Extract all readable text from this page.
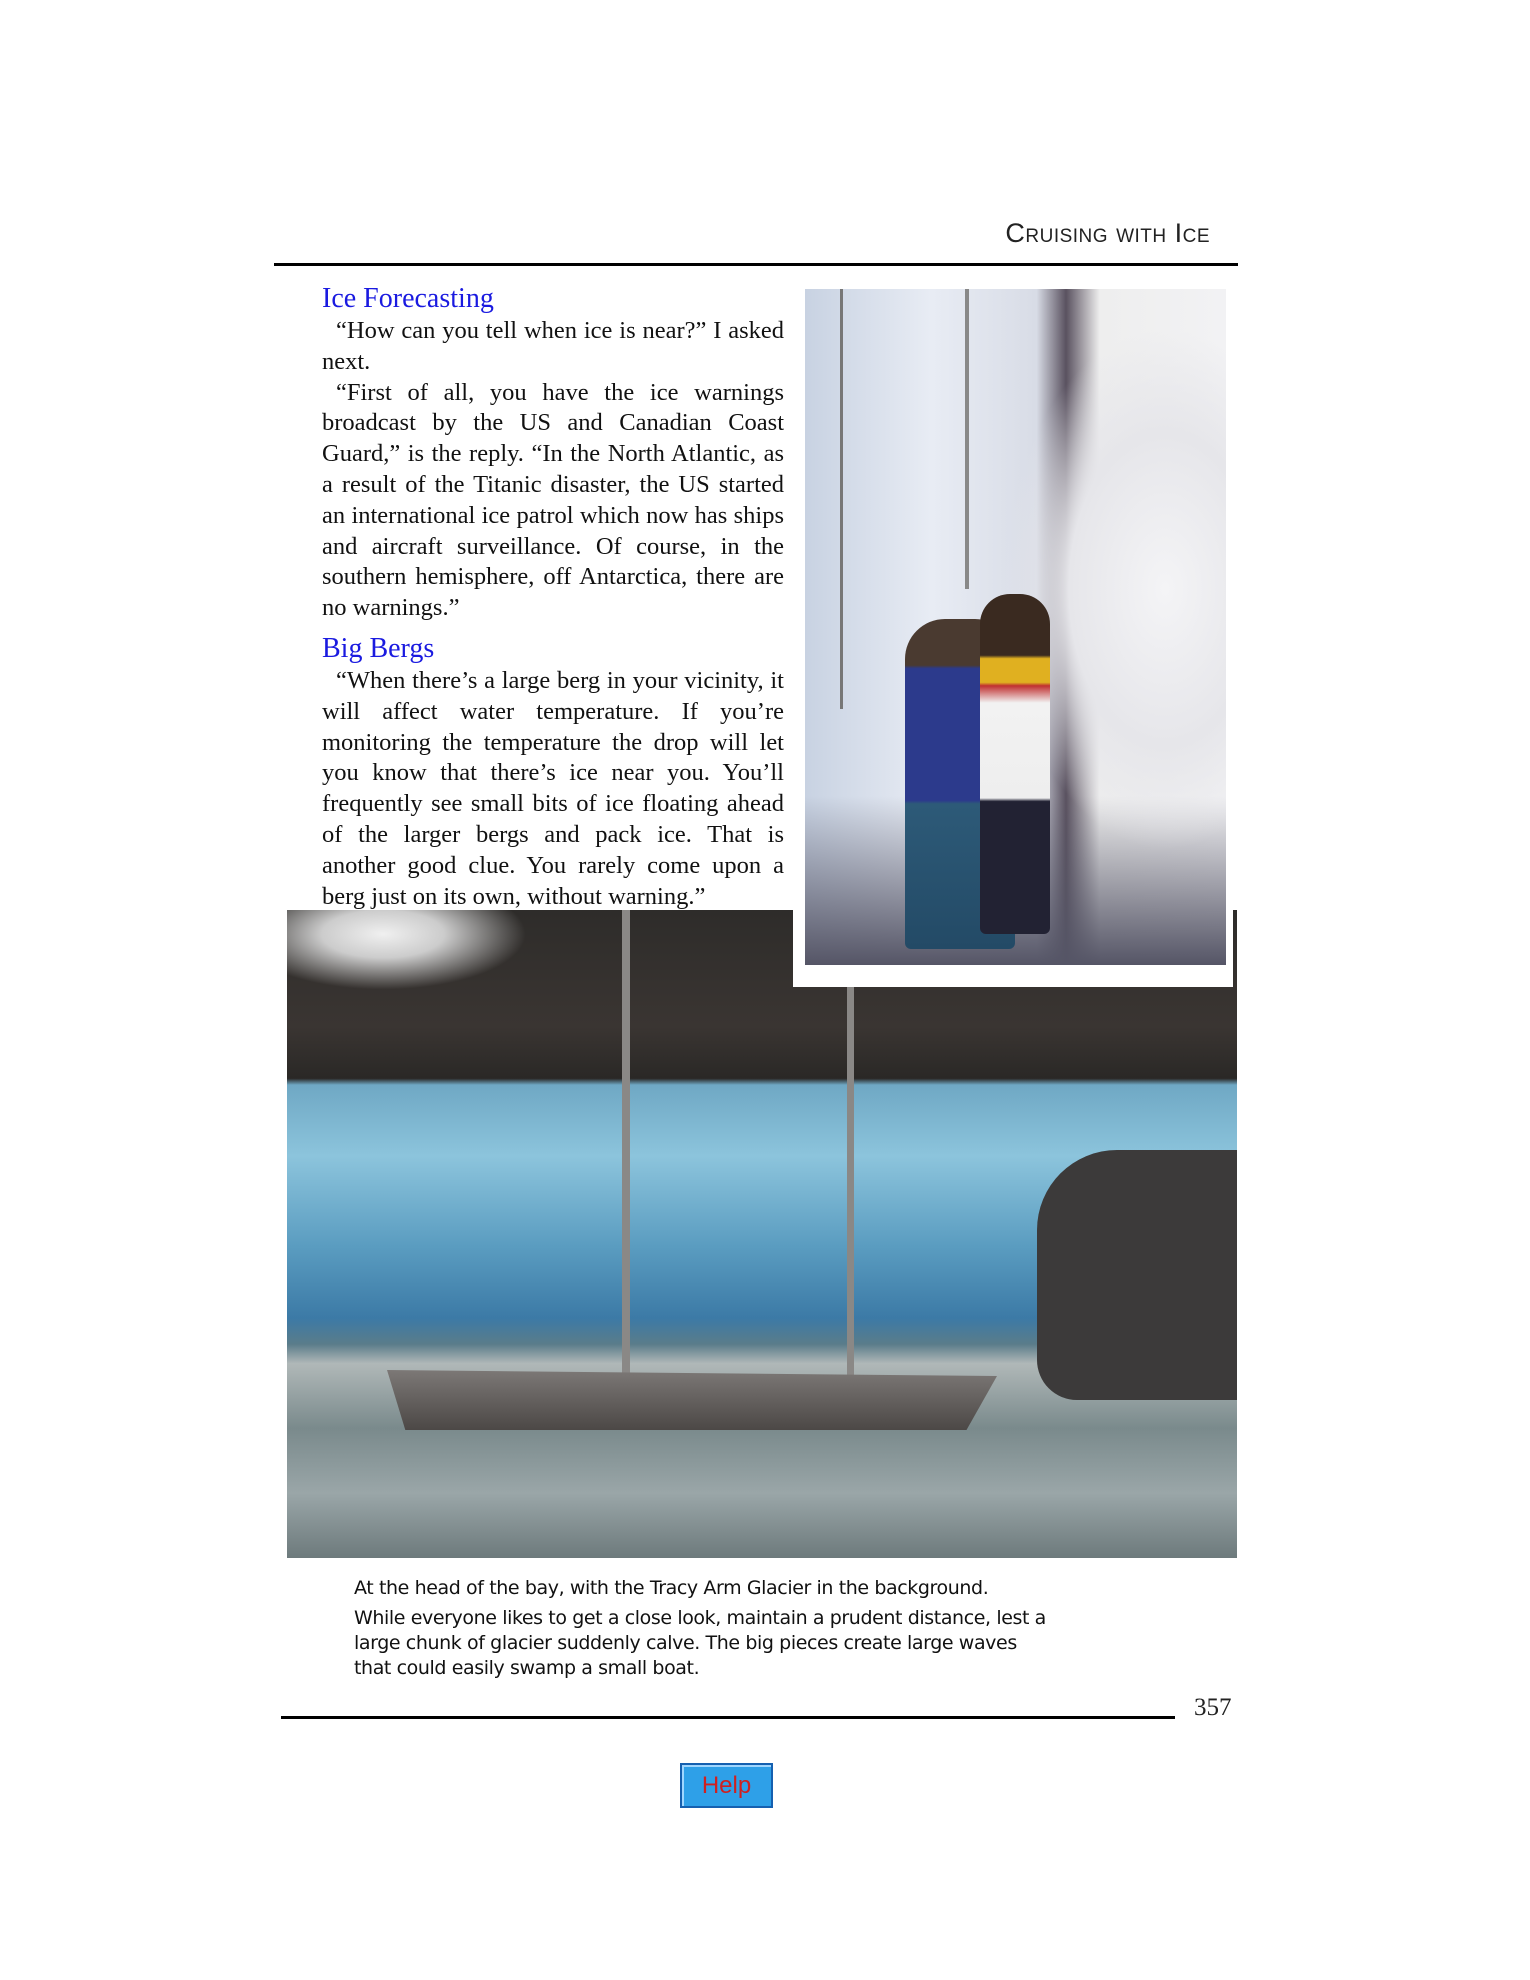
Cruising with Ice
Ice Forecasting

“How can you tell when ice is near?” I asked next.

“First of all, you have the ice warnings broadcast by the US and Canadian Coast Guard,” is the reply. “In the North Atlantic, as a result of the Titanic disaster, the US started an international ice patrol which now has ships and aircraft surveillance. Of course, in the southern hemisphere, off Antarctica, there are no warnings.”

Big Bergs

“When there’s a large berg in your vicinity, it will affect water temperature. If you’re monitoring the temperature the drop will let you know that there’s ice near you. You’ll frequently see small bits of ice floating ahead of the larger bergs and pack ice. That is another good clue. You rarely come upon a berg just on its own, without warning.”

At the head of the bay, with the Tracy Arm Glacier in the background.

While everyone likes to get a close look, maintain a prudent distance, lest a large chunk of glacier suddenly calve. The big pieces create large waves that could easily swamp a small boat.

357
Help
